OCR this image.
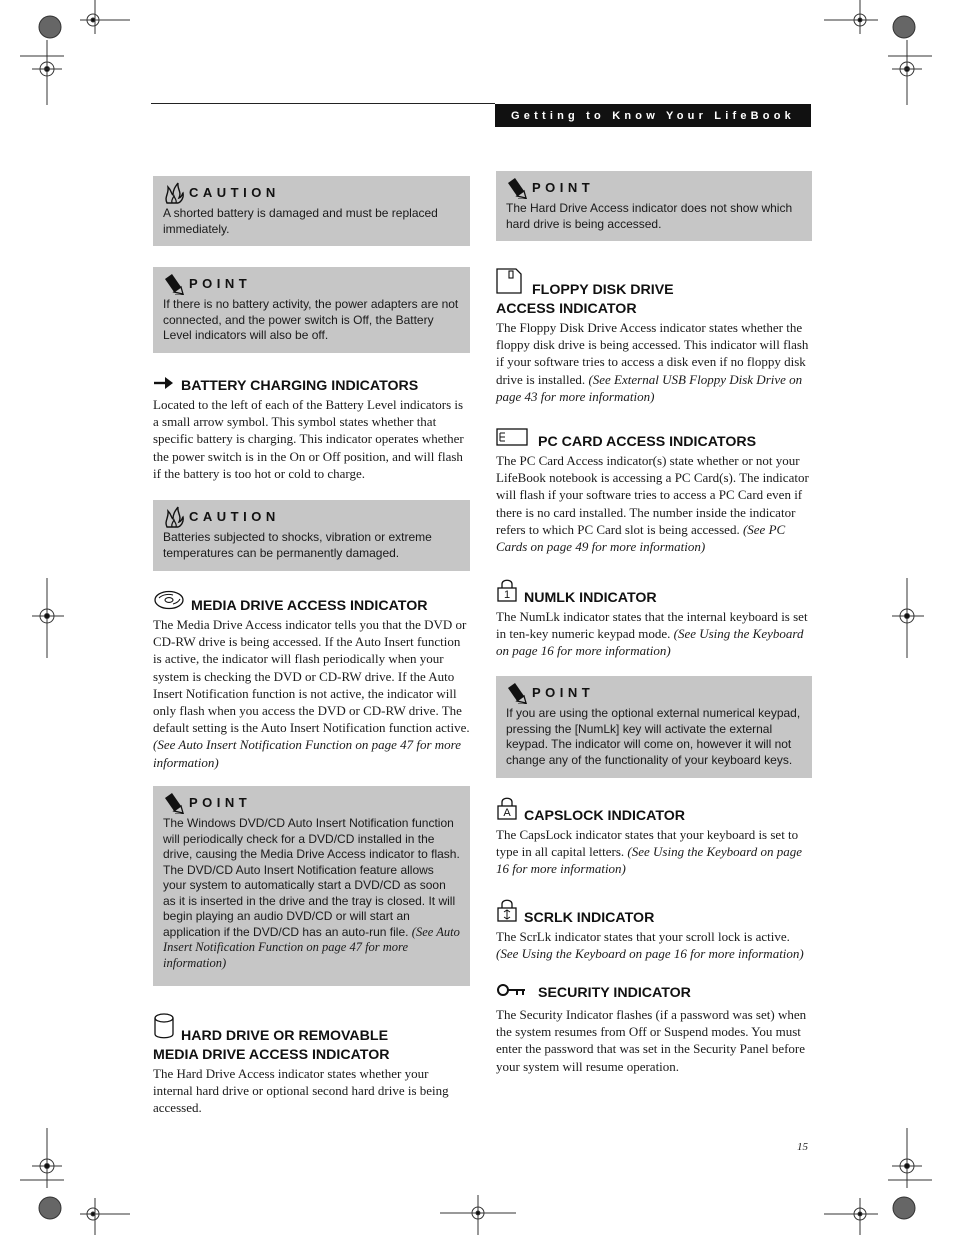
Getting to Know Your LifeBook
CAUTION

A shorted battery is damaged and must be replaced immediately.

POINT

If there is no battery activity, the power adapters are not connected, and the power switch is Off, the Battery Level indicators will also be off.

BATTERY CHARGING INDICATORS

Located to the left of each of the Battery Level indicators is a small arrow symbol. This symbol states whether that specific battery is charging. This indicator operates whether the power switch is in the On or Off position, and will flash if the battery is too hot or cold to charge.

CAUTION

Batteries subjected to shocks, vibration or extreme temperatures can be permanently damaged.

MEDIA DRIVE ACCESS INDICATOR

The Media Drive Access indicator tells you that the DVD or CD-RW drive is being accessed. If the Auto Insert function is active, the indicator will flash periodically when your system is checking the DVD or CD-RW drive. If the Auto Insert Notification function is not active, the indicator will only flash when you access the DVD or CD-RW drive. The default setting is the Auto Insert Notification function active. (See Auto Insert Notification Function on page 47 for more information)

POINT

The Windows DVD/CD Auto Insert Notification function will periodically check for a DVD/CD installed in the drive, causing the Media Drive Access indicator to flash. The DVD/CD Auto Insert Notification feature allows your system to automatically start a DVD/CD as soon as it is inserted in the drive and the tray is closed. It will begin playing an audio DVD/CD or will start an application if the DVD/CD has an auto-run file. (See Auto Insert Notification Function on page 47 for more information)

HARD DRIVE OR REMOVABLE
MEDIA DRIVE ACCESS INDICATOR

The Hard Drive Access indicator states whether your internal hard drive or optional second hard drive is being accessed.

POINT

The Hard Drive Access indicator does not show which hard drive is being accessed.

FLOPPY DISK DRIVE
ACCESS INDICATOR

The Floppy Disk Drive Access indicator states whether the floppy disk drive is being accessed. This indicator will flash if your software tries to access a disk even if no floppy disk drive is installed. (See External USB Floppy Disk Drive on page 43 for more information)

PC CARD ACCESS INDICATORS

The PC Card Access indicator(s) state whether or not your LifeBook notebook is accessing a PC Card(s). The indicator will flash if your software tries to access a PC Card even if there is no card installed. The number inside the indicator refers to which PC Card slot is being accessed. (See PC Cards on page 49 for more information)

1 NUMLK INDICATOR

The NumLk indicator states that the internal keyboard is set in ten-key numeric keypad mode. (See Using the Keyboard on page 16 for more information)

POINT

If you are using the optional external numerical keypad, pressing the [NumLk] key will activate the external keypad. The indicator will come on, however it will not change any of the functionality of your keyboard keys.

A CAPSLOCK INDICATOR

The CapsLock indicator states that your keyboard is set to type in all capital letters. (See Using the Keyboard on page 16 for more information)

SCRLK INDICATOR

The ScrLk indicator states that your scroll lock is active. (See Using the Keyboard on page 16 for more information)

SECURITY INDICATOR

The Security Indicator flashes (if a password was set) when the system resumes from Off or Suspend modes. You must enter the password that was set in the Security Panel before your system will resume operation.

15
